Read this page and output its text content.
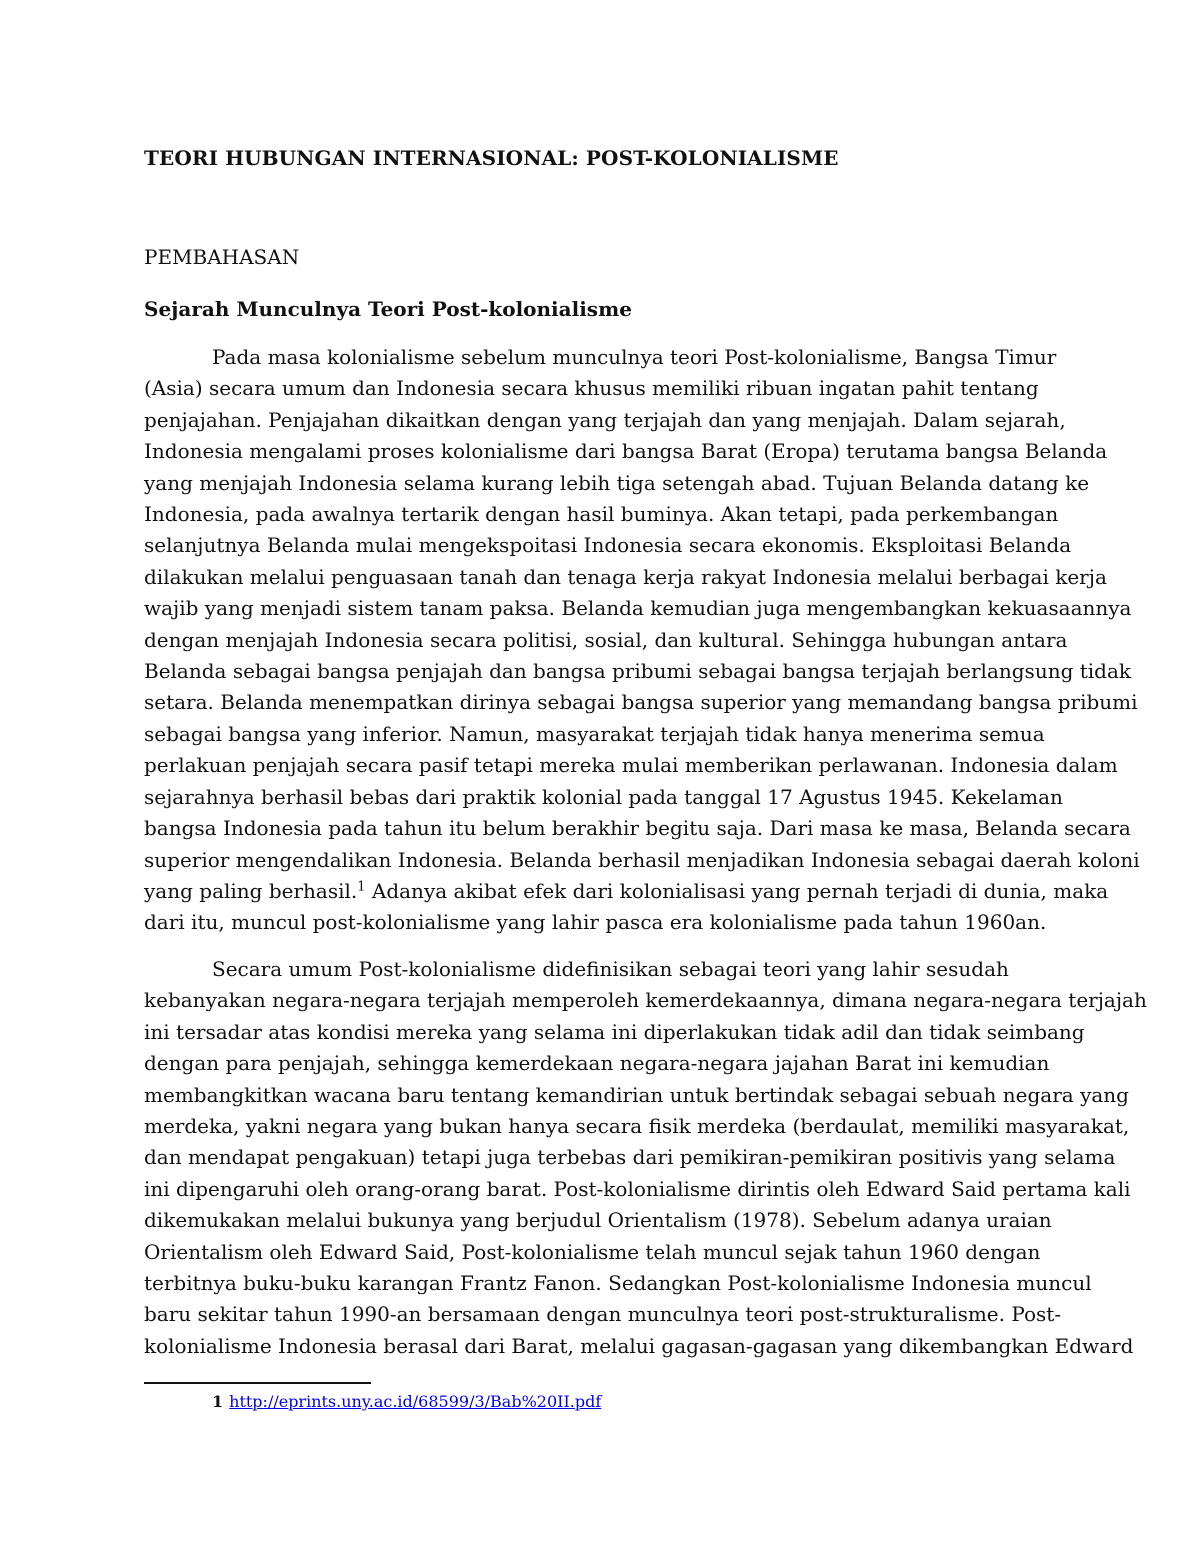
TEORI HUBUNGAN INTERNASIONAL: POST-KOLONIALISME
PEMBAHASAN
Sejarah Munculnya Teori Post-kolonialisme
Pada masa kolonialisme sebelum munculnya teori Post-kolonialisme, Bangsa Timur
(Asia) secara umum dan Indonesia secara khusus memiliki ribuan ingatan pahit tentang
penjajahan. Penjajahan dikaitkan dengan yang terjajah dan yang menjajah. Dalam sejarah,
Indonesia mengalami proses kolonialisme dari bangsa Barat (Eropa) terutama bangsa Belanda
yang menjajah Indonesia selama kurang lebih tiga setengah abad. Tujuan Belanda datang ke
Indonesia, pada awalnya tertarik dengan hasil buminya. Akan tetapi, pada perkembangan
selanjutnya Belanda mulai mengekspoitasi Indonesia secara ekonomis. Eksploitasi Belanda
dilakukan melalui penguasaan tanah dan tenaga kerja rakyat Indonesia melalui berbagai kerja
wajib yang menjadi sistem tanam paksa. Belanda kemudian juga mengembangkan kekuasaannya
dengan menjajah Indonesia secara politisi, sosial, dan kultural. Sehingga hubungan antara
Belanda sebagai bangsa penjajah dan bangsa pribumi sebagai bangsa terjajah berlangsung tidak
setara. Belanda menempatkan dirinya sebagai bangsa superior yang memandang bangsa pribumi
sebagai bangsa yang inferior. Namun, masyarakat terjajah tidak hanya menerima semua
perlakuan penjajah secara pasif tetapi mereka mulai memberikan perlawanan. Indonesia dalam
sejarahnya berhasil bebas dari praktik kolonial pada tanggal 17 Agustus 1945. Kekelaman
bangsa Indonesia pada tahun itu belum berakhir begitu saja. Dari masa ke masa, Belanda secara
superior mengendalikan Indonesia. Belanda berhasil menjadikan Indonesia sebagai daerah koloni
yang paling berhasil.$^1$ Adanya akibat efek dari kolonialisasi yang pernah terjadi di dunia, maka
dari itu, muncul post-kolonialisme yang lahir pasca era kolonialisme pada tahun 1960an.
Secara umum Post-kolonialisme didefinisikan sebagai teori yang lahir sesudah
kebanyakan negara-negara terjajah memperoleh kemerdekaannya, dimana negara-negara terjajah
ini tersadar atas kondisi mereka yang selama ini diperlakukan tidak adil dan tidak seimbang
dengan para penjajah, sehingga kemerdekaan negara-negara jajahan Barat ini kemudian
membangkitkan wacana baru tentang kemandirian untuk bertindak sebagai sebuah negara yang
merdeka, yakni negara yang bukan hanya secara fisik merdeka (berdaulat, memiliki masyarakat,
dan mendapat pengakuan) tetapi juga terbebas dari pemikiran-pemikiran positivis yang selama
ini dipengaruhi oleh orang-orang barat. Post-kolonialisme dirintis oleh Edward Said pertama kali
dikemukakan melalui bukunya yang berjudul Orientalism (1978). Sebelum adanya uraian
Orientalism oleh Edward Said, Post-kolonialisme telah muncul sejak tahun 1960 dengan
terbitnya buku-buku karangan Frantz Fanon. Sedangkan Post-kolonialisme Indonesia muncul
baru sekitar tahun 1990-an bersamaan dengan munculnya teori post-strukturalisme. Post-
kolonialisme Indonesia berasal dari Barat, melalui gagasan-gagasan yang dikembangkan Edward
1 http://eprints.uny.ac.id/68599/3/Bab%20II.pdf
